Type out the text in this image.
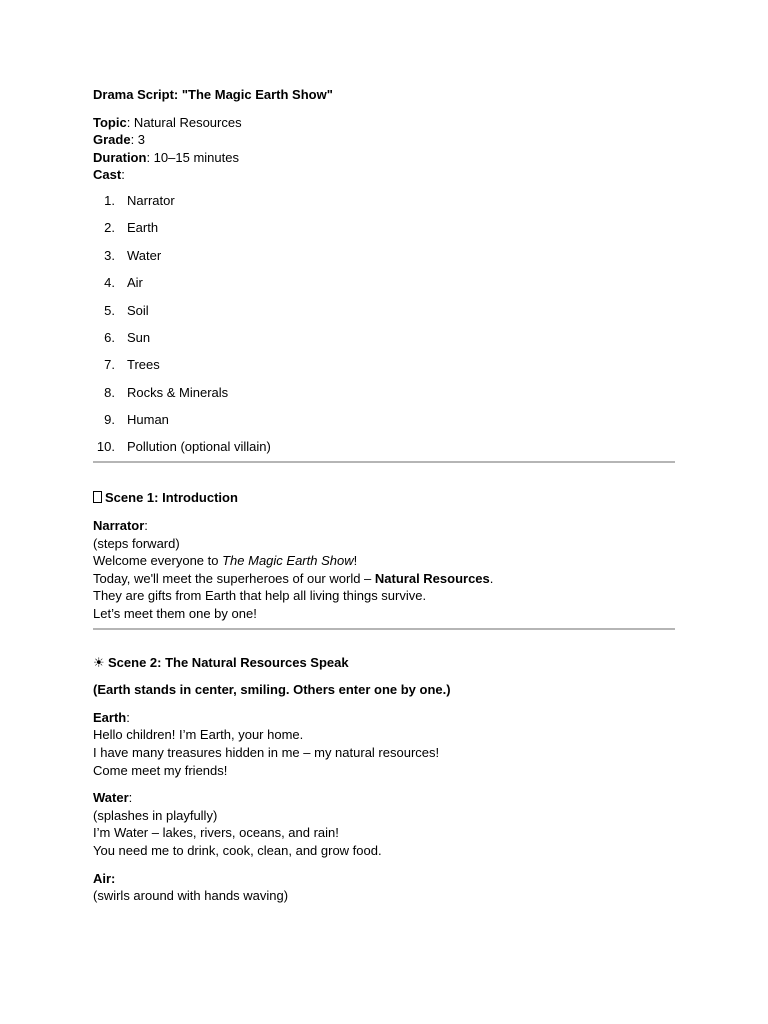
Drama Script: "The Magic Earth Show"

Topic: Natural Resources

Grade: 3

Duration: 10–15 minutes

Cast:

1. Narrator
2. Earth
3. Water
4. Air
5. Soil
6. Sun
7. Trees
8. Rocks & Minerals
9. Human
10. Pollution (optional villain)

Scene 1: Introduction

Narrator:

(steps forward)

Welcome everyone to The Magic Earth Show!

Today, we'll meet the superheroes of our world – Natural Resources.

They are gifts from Earth that help all living things survive.

Let’s meet them one by one!

☀ Scene 2: The Natural Resources Speak

(Earth stands in center, smiling. Others enter one by one.)

Earth:

Hello children! I’m Earth, your home.

I have many treasures hidden in me – my natural resources!

Come meet my friends!

Water:

(splashes in playfully)

I’m Water – lakes, rivers, oceans, and rain!

You need me to drink, cook, clean, and grow food.

Air:

(swirls around with hands waving)
